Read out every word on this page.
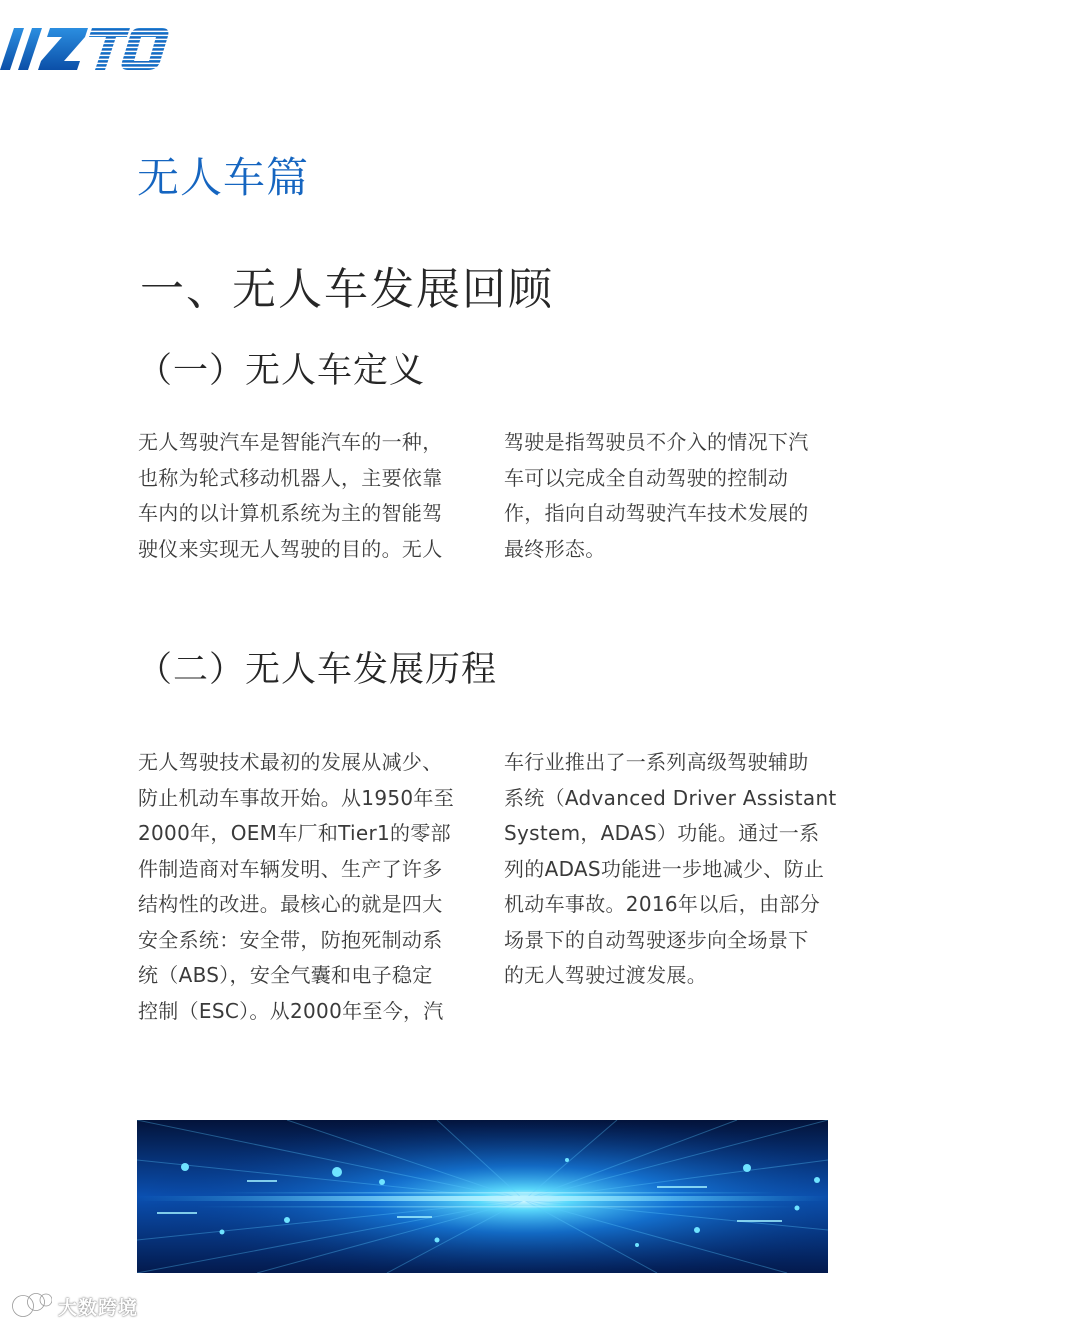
无人车篇
一、无人车发展回顾
（一）无人车定义

无人驾驶汽车是智能汽车的一种，
也称为轮式移动机器人，主要依靠
车内的以计算机系统为主的智能驾
驶仪来实现无人驾驶的目的。无人

驾驶是指驾驶员不介入的情况下汽
车可以完成全自动驾驶的控制动
作，指向自动驾驶汽车技术发展的
最终形态。

（二）无人车发展历程

无人驾驶技术最初的发展从减少、
防止机动车事故开始。从1950年至
2000年，OEM车厂和Tier1的零部
件制造商对车辆发明、生产了许多
结构性的改进。最核心的就是四大
安全系统：安全带，防抱死制动系
统（ABS），安全气囊和电子稳定
控制（ESC）。从2000年至今，汽

车行业推出了一系列高级驾驶辅助
系统（Advanced Driver Assistant
System，ADAS）功能。通过一系
列的ADAS功能进一步地减少、防止
机动车事故。2016年以后，由部分
场景下的自动驾驶逐步向全场景下
的无人驾驶过渡发展。

大数跨境
